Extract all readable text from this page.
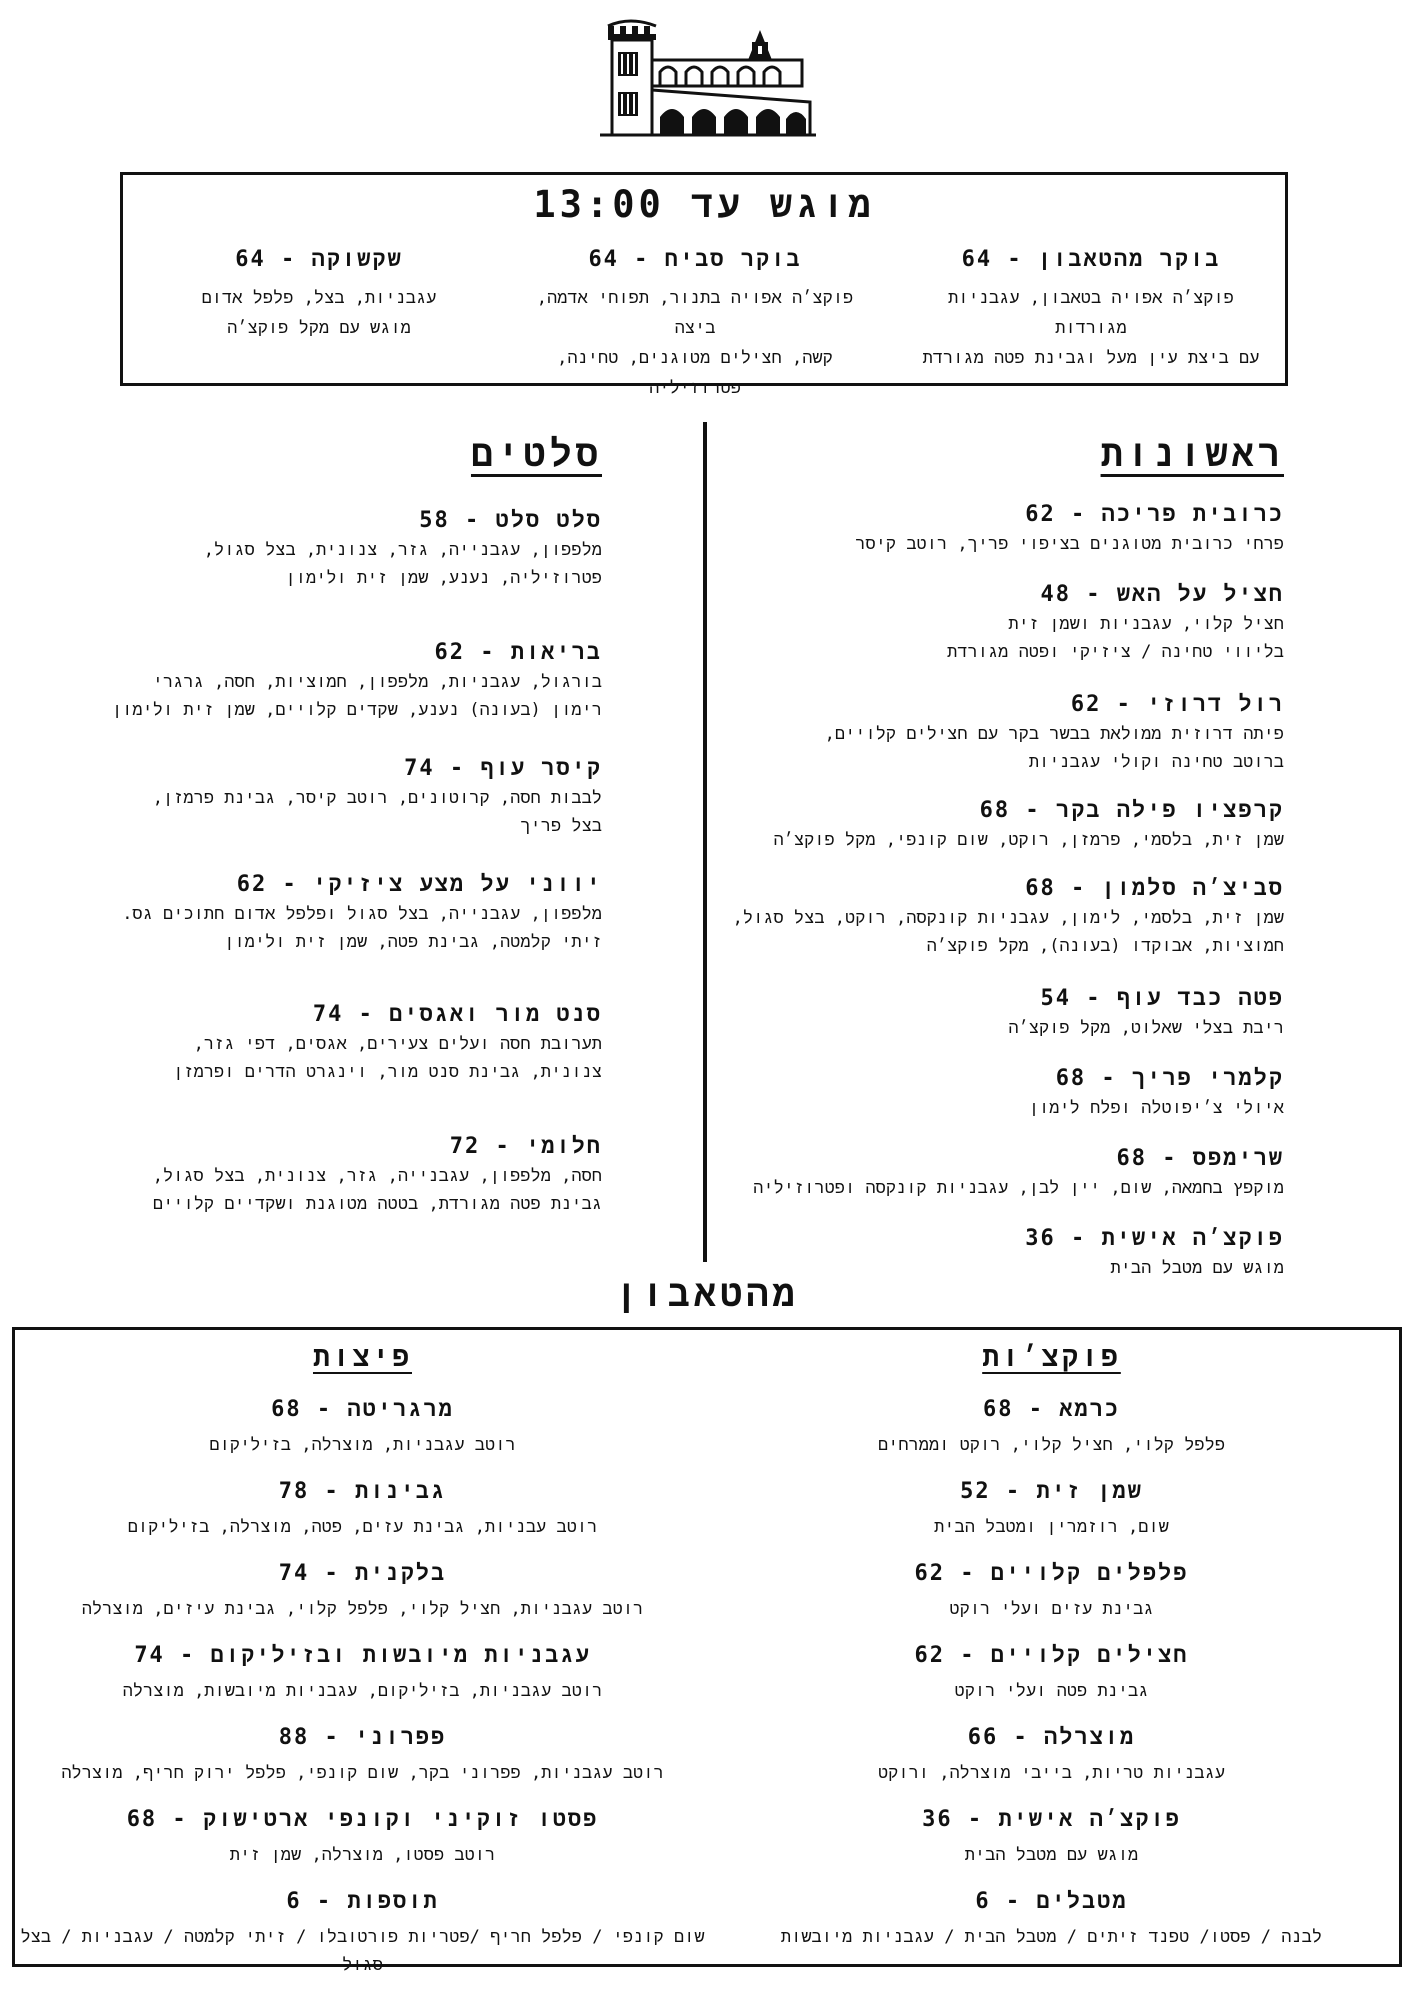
מוגש עד 13:00
בוקר מהטאבון - 64
פוקצ׳ה אפויה בטאבון, עגבניות מגורדות
עם ביצת עין מעל וגבינת פטה מגורדת
בוקר סביח - 64
פוקצ׳ה אפויה בתנור, תפוחי אדמה, ביצה
קשה, חצילים מטוגנים, טחינה, פטרוזיליה
שקשוקה - 64
עגבניות, בצל, פלפל אדום
מוגש עם מקל פוקצ׳ה
ראשונות
כרובית פריכה - 62
פרחי כרובית מטוגנים בציפוי פריך, רוטב קיסר
חציל על האש - 48
חציל קלוי, עגבניות ושמן זית
בליווי טחינה / ציזיקי ופטה מגורדת
רול דרוזי - 62
פיתה דרוזית ממולאת בבשר בקר עם חצילים קלויים,
ברוטב טחינה וקולי עגבניות
קרפציו פילה בקר - 68
שמן זית, בלסמי, פרמזן, רוקט, שום קונפי, מקל פוקצ׳ה
סביצ׳ה סלמון - 68
שמן זית, בלסמי, לימון, עגבניות קונקסה, רוקט, בצל סגול,
חמוציות, אבוקדו (בעונה), מקל פוקצ׳ה
פטה כבד עוף - 54
ריבת בצלי שאלוט, מקל פוקצ׳ה
קלמרי פריך - 68
איולי צ׳יפוטלה ופלח לימון
שרימפס - 68
מוקפץ בחמאה, שום, יין לבן, עגבניות קונקסה ופטרוזיליה
פוקצ׳ה אישית - 36
מוגש עם מטבל הבית
סלטים
סלט סלט - 58
מלפפון, עגבנייה, גזר, צנונית, בצל סגול,
פטרוזיליה, נענע, שמן זית ולימון
בריאות - 62
בורגול, עגבניות, מלפפון, חמוציות, חסה, גרגרי
רימון (בעונה) נענע, שקדים קלויים, שמן זית ולימון
קיסר עוף - 74
לבבות חסה, קרוטונים, רוטב קיסר, גבינת פרמזן,
בצל פריך
יווני על מצע ציזיקי - 62
מלפפון, עגבנייה, בצל סגול ופלפל אדום חתוכים גס.
זיתי קלמטה, גבינת פטה, שמן זית ולימון
סנט מור ואגסים - 74
תערובת חסה ועלים צעירים, אגסים, דפי גזר,
צנונית, גבינת סנט מור, וינגרט הדרים ופרמזן
חלומי - 72
חסה, מלפפון, עגבנייה, גזר, צנונית, בצל סגול,
גבינת פטה מגורדת, בטטה מטוגנת ושקדיים קלויים
מהטאבון
פוקצ׳ות
כרמא - 68
פלפל קלוי, חציל קלוי, רוקט וממרחים
שמן זית - 52
שום, רוזמרין ומטבל הבית
פלפלים קלויים - 62
גבינת עזים ועלי רוקט
חצילים קלויים - 62
גבינת פטה ועלי רוקט
מוצרלה - 66
עגבניות טריות, בייבי מוצרלה, ורוקט
פוקצ׳ה אישית - 36
מוגש עם מטבל הבית
מטבלים - 6
לבנה / פסטו/ טפנד זיתים / מטבל הבית / עגבניות מיובשות
פיצות
מרגריטה - 68
רוטב עגבניות, מוצרלה, בזיליקום
גבינות - 78
רוטב עבניות, גבינת עזים, פטה, מוצרלה, בזיליקום
בלקנית - 74
רוטב עגבניות, חציל קלוי, פלפל קלוי, גבינת עיזים, מוצרלה
עגבניות מיובשות ובזיליקום - 74
רוטב עגבניות, בזיליקום, עגבניות מיובשות, מוצרלה
פפרוני - 88
רוטב עגבניות, פפרוני בקר, שום קונפי, פלפל ירוק חריף, מוצרלה
פסטו זוקיני וקונפי ארטישוק - 68
רוטב פסטו, מוצרלה, שמן זית
תוספות - 6
שום קונפי / פלפל חריף /פטריות פורטובלו / זיתי קלמטה / עגבניות / בצל סגול
